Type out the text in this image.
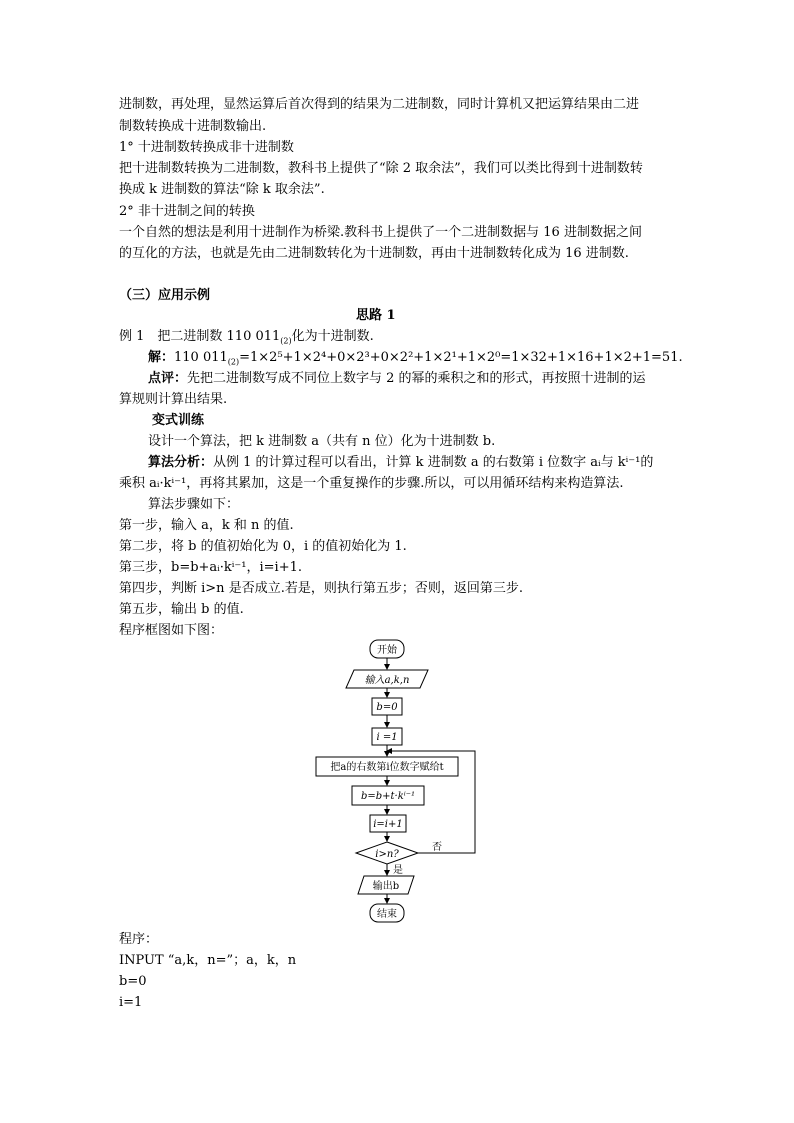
进制数，再处理，显然运算后首次得到的结果为二进制数，同时计算机又把运算结果由二进
制数转换成十进制数输出.
1° 十进制数转换成非十进制数
把十进制数转换为二进制数，教科书上提供了“除 2 取余法”，我们可以类比得到十进制数转
换成 k 进制数的算法“除 k 取余法”.
2° 非十进制之间的转换
一个自然的想法是利用十进制作为桥梁.教科书上提供了一个二进制数据与 16 进制数据之间
的互化的方法，也就是先由二进制数转化为十进制数，再由十进制数转化成为 16 进制数.
（三）应用示例
思路 1
例 1　把二进制数 110 $011_{(2)}$化为十进制数.
解：110 $011_{(2)}=1\times 2^5+1\times 2^4+0\times 2^3+0\times 2^2+1\times 2^1+1\times 2^0=1\times 32+1\times 16+1\times 2+1=51$.
点评：先把二进制数写成不同位上数字与 2 的幂的乘积之和的形式，再按照十进制的运
算规则计算出结果.
变式训练
设计一个算法，把 k 进制数 a（共有 n 位）化为十进制数 b.
算法分析：从例 1 的计算过程可以看出，计算 k 进制数 a 的右数第 i 位数字 aᵢ与 kⁱ⁻¹的
乘积 aᵢ·kⁱ⁻¹，再将其累加，这是一个重复操作的步骤.所以，可以用循环结构来构造算法.
算法步骤如下：
第一步，输入 a，k 和 n 的值.
第二步，将 b 的值初始化为 0，i 的值初始化为 1.
第三步，b=b+aᵢ·kⁱ⁻¹，i=i+1.
第四步，判断 i>n 是否成立.若是，则执行第五步；否则，返回第三步.
第五步，输出 b 的值.
程序框图如下图：
开始
输入a,k,n
b=0
i =1
把a的右数第i位数字赋给t
b=b+t·kⁱ⁻¹
i=i+1
i>n?
是
否
输出b
结束
程序：
INPUT “a,k，n=”；a，k，n
b=0
i=1
